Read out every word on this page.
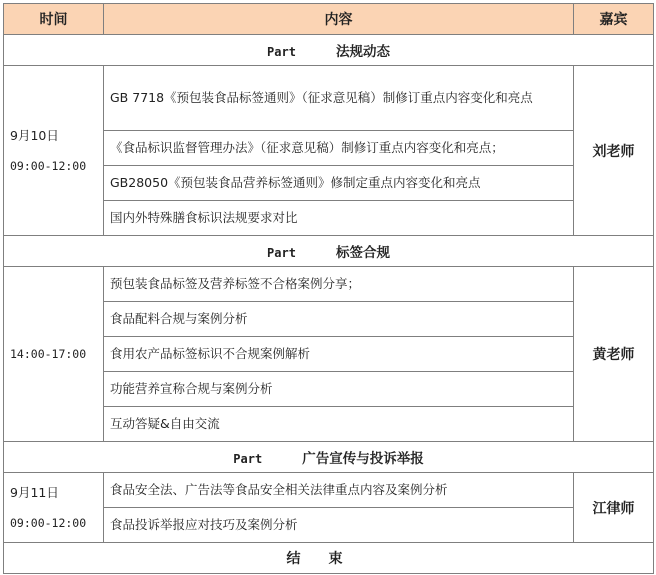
时间	内容	嘉宾
Part 法规动态		

9月10日
09:00-12:00	GB 7718《预包装食品标签通则》（征求意见稿）制修订重点内容变化和亮点	刘老师
	《食品标识监督管理办法》（征求意见稿）制修订重点内容变化和亮点；	
	GB28050《预包装食品营养标签通则》修制定重点内容变化和亮点	
	国内外特殊膳食标识法规要求对比	
Part 标签合规		

14:00-17:00	预包装食品标签及营养标签不合格案例分享；	黄老师
	食品配料合规与案例分析	
	食用农产品标签标识不合规案例解析	
	功能营养宣称合规与案例分析	
	互动答疑&自由交流	
Part 广告宣传与投诉举报		

9月11日
09:00-12:00	食品安全法、广告法等食品安全相关法律重点内容及案例分析	江律师
	食品投诉举报应对技巧及案例分析	
结束		
